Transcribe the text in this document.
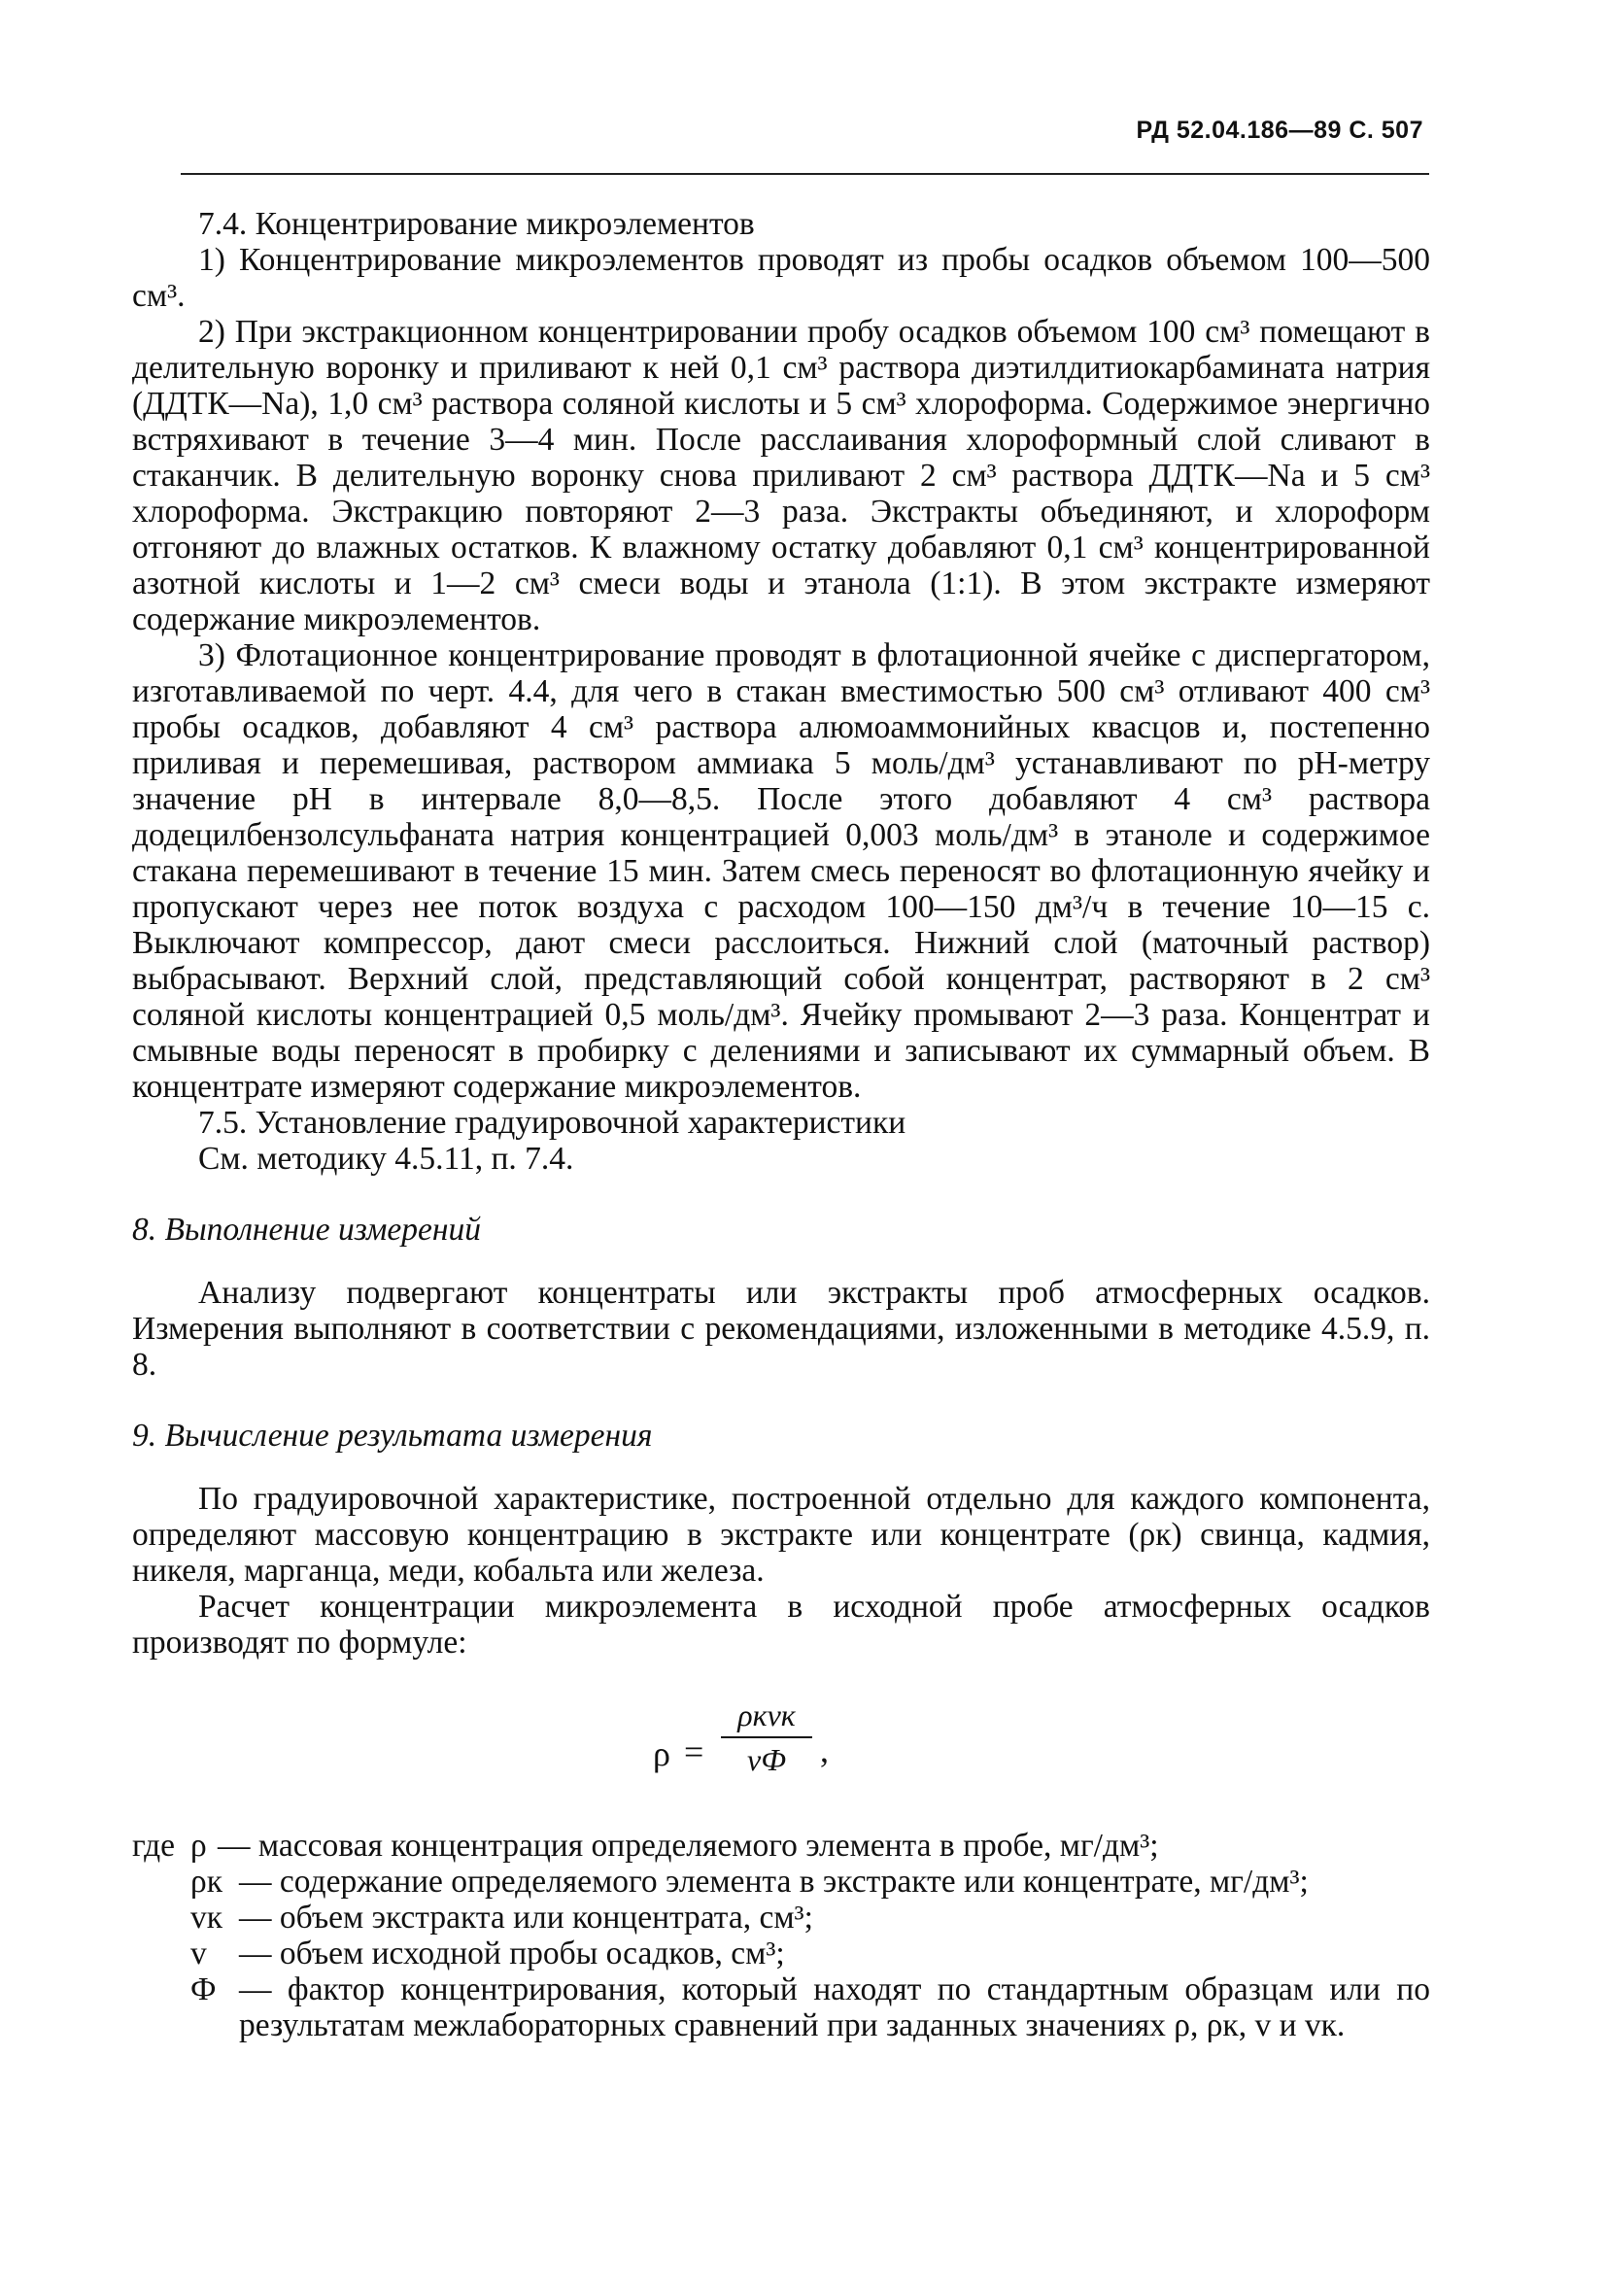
РД 52.04.186—89 С. 507

7.4. Концентрирование микроэлементов

1) Концентрирование микроэлементов проводят из пробы осадков объемом 100—500 см³.

2) При экстракционном концентрировании пробу осадков объемом 100 см³ помещают в делительную воронку и приливают к ней 0,1 см³ раствора диэтилдитиокарбамината натрия (ДДТК—Na), 1,0 см³ раствора соляной кислоты и 5 см³ хлороформа. Содержимое энергично встряхивают в течение 3—4 мин. После расслаивания хлороформный слой сливают в стаканчик. В делительную воронку снова приливают 2 см³ раствора ДДТК—Na и 5 см³ хлороформа. Экстракцию повторяют 2—3 раза. Экстракты объединяют, и хлороформ отгоняют до влажных остатков. К влажному остатку добавляют 0,1 см³ концентрированной азотной кислоты и 1—2 см³ смеси воды и этанола (1:1). В этом экстракте измеряют содержание микроэлементов.

3) Флотационное концентрирование проводят в флотационной ячейке с диспергатором, изготавливаемой по черт. 4.4, для чего в стакан вместимостью 500 см³ отливают 400 см³ пробы осадков, добавляют 4 см³ раствора алюмоаммонийных квасцов и, постепенно приливая и перемешивая, раствором аммиака 5 моль/дм³ устанавливают по рН-метру значение рН в интервале 8,0—8,5. После этого добавляют 4 см³ раствора додецилбензолсульфаната натрия концентрацией 0,003 моль/дм³ в этаноле и содержимое стакана перемешивают в течение 15 мин. Затем смесь переносят во флотационную ячейку и пропускают через нее поток воздуха с расходом 100—150 дм³/ч в течение 10—15 с. Выключают компрессор, дают смеси расслоиться. Нижний слой (маточный раствор) выбрасывают. Верхний слой, представляющий собой концентрат, растворяют в 2 см³ соляной кислоты концентрацией 0,5 моль/дм³. Ячейку промывают 2—3 раза. Концентрат и смывные воды переносят в пробирку с делениями и записывают их суммарный объем. В концентрате измеряют содержание микроэлементов.

7.5. Установление градуировочной характеристики

См. методику 4.5.11, п. 7.4.

8. Выполнение измерений

Анализу подвергают концентраты или экстракты проб атмосферных осадков. Измерения выполняют в соответствии с рекомендациями, изложенными в методике 4.5.9, п. 8.

9. Вычисление результата измерения

По градуировочной характеристике, построенной отдельно для каждого компонента, определяют массовую концентрацию в экстракте или концентрате (ρк) свинца, кадмия, никеля, марганца, меди, кобальта или железа.

Расчет концентрации микроэлемента в исходной пробе атмосферных осадков производят по формуле:

ρ =
ρкvк
vФ ,
где ρ — массовая концентрация определяемого элемента в пробе, мг/дм³;
ρк — содержание определяемого элемента в экстракте или концентрате, мг/дм³;
vк — объем экстракта или концентрата, см³;
v — объем исходной пробы осадков, см³;
Ф — фактор концентрирования, который находят по стандартным образцам или по результатам межлабораторных сравнений при заданных значениях ρ, ρк, v и vк.
